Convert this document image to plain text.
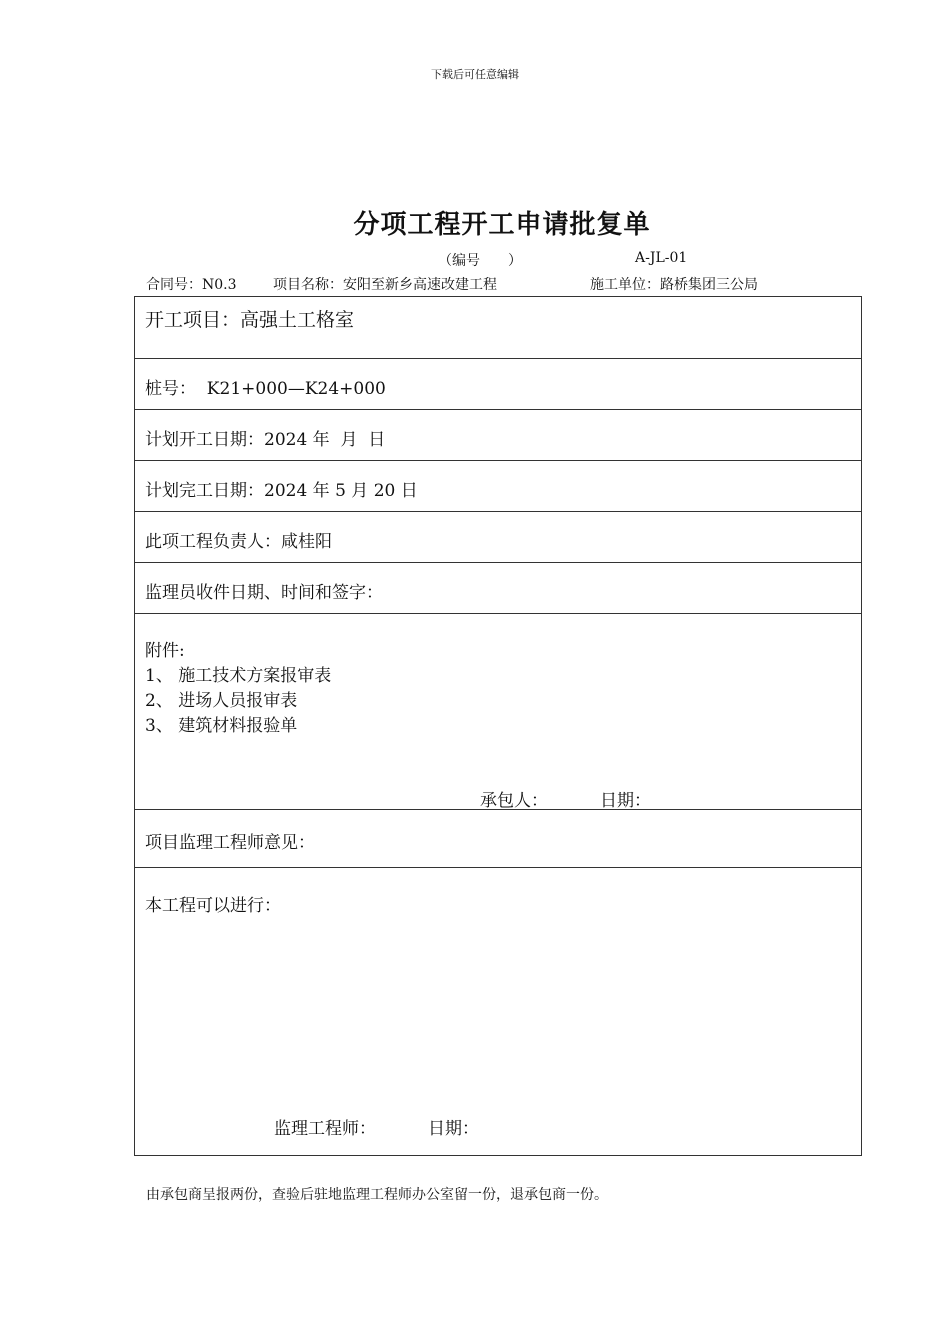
下载后可任意编辑
分项工程开工申请批复单
（编号　　）	A-JL-01
合同号：N0.3	项目名称：安阳至新乡高速改建工程	施工单位：路桥集团三公局
开工项目：高强土工格室
桩号：  K21+000—K24+000
计划开工日期：2024 年  月  日
计划完工日期：2024 年 5 月 20 日
此项工程负责人：咸桂阳
监理员收件日期、时间和签字：
附件:
1、 施工技术方案报审表
2、 进场人员报审表
3、 建筑材料报验单
承包人：	日期：
项目监理工程师意见：
本工程可以进行：
监理工程师：	日期：
由承包商呈报两份，查验后驻地监理工程师办公室留一份，退承包商一份。
